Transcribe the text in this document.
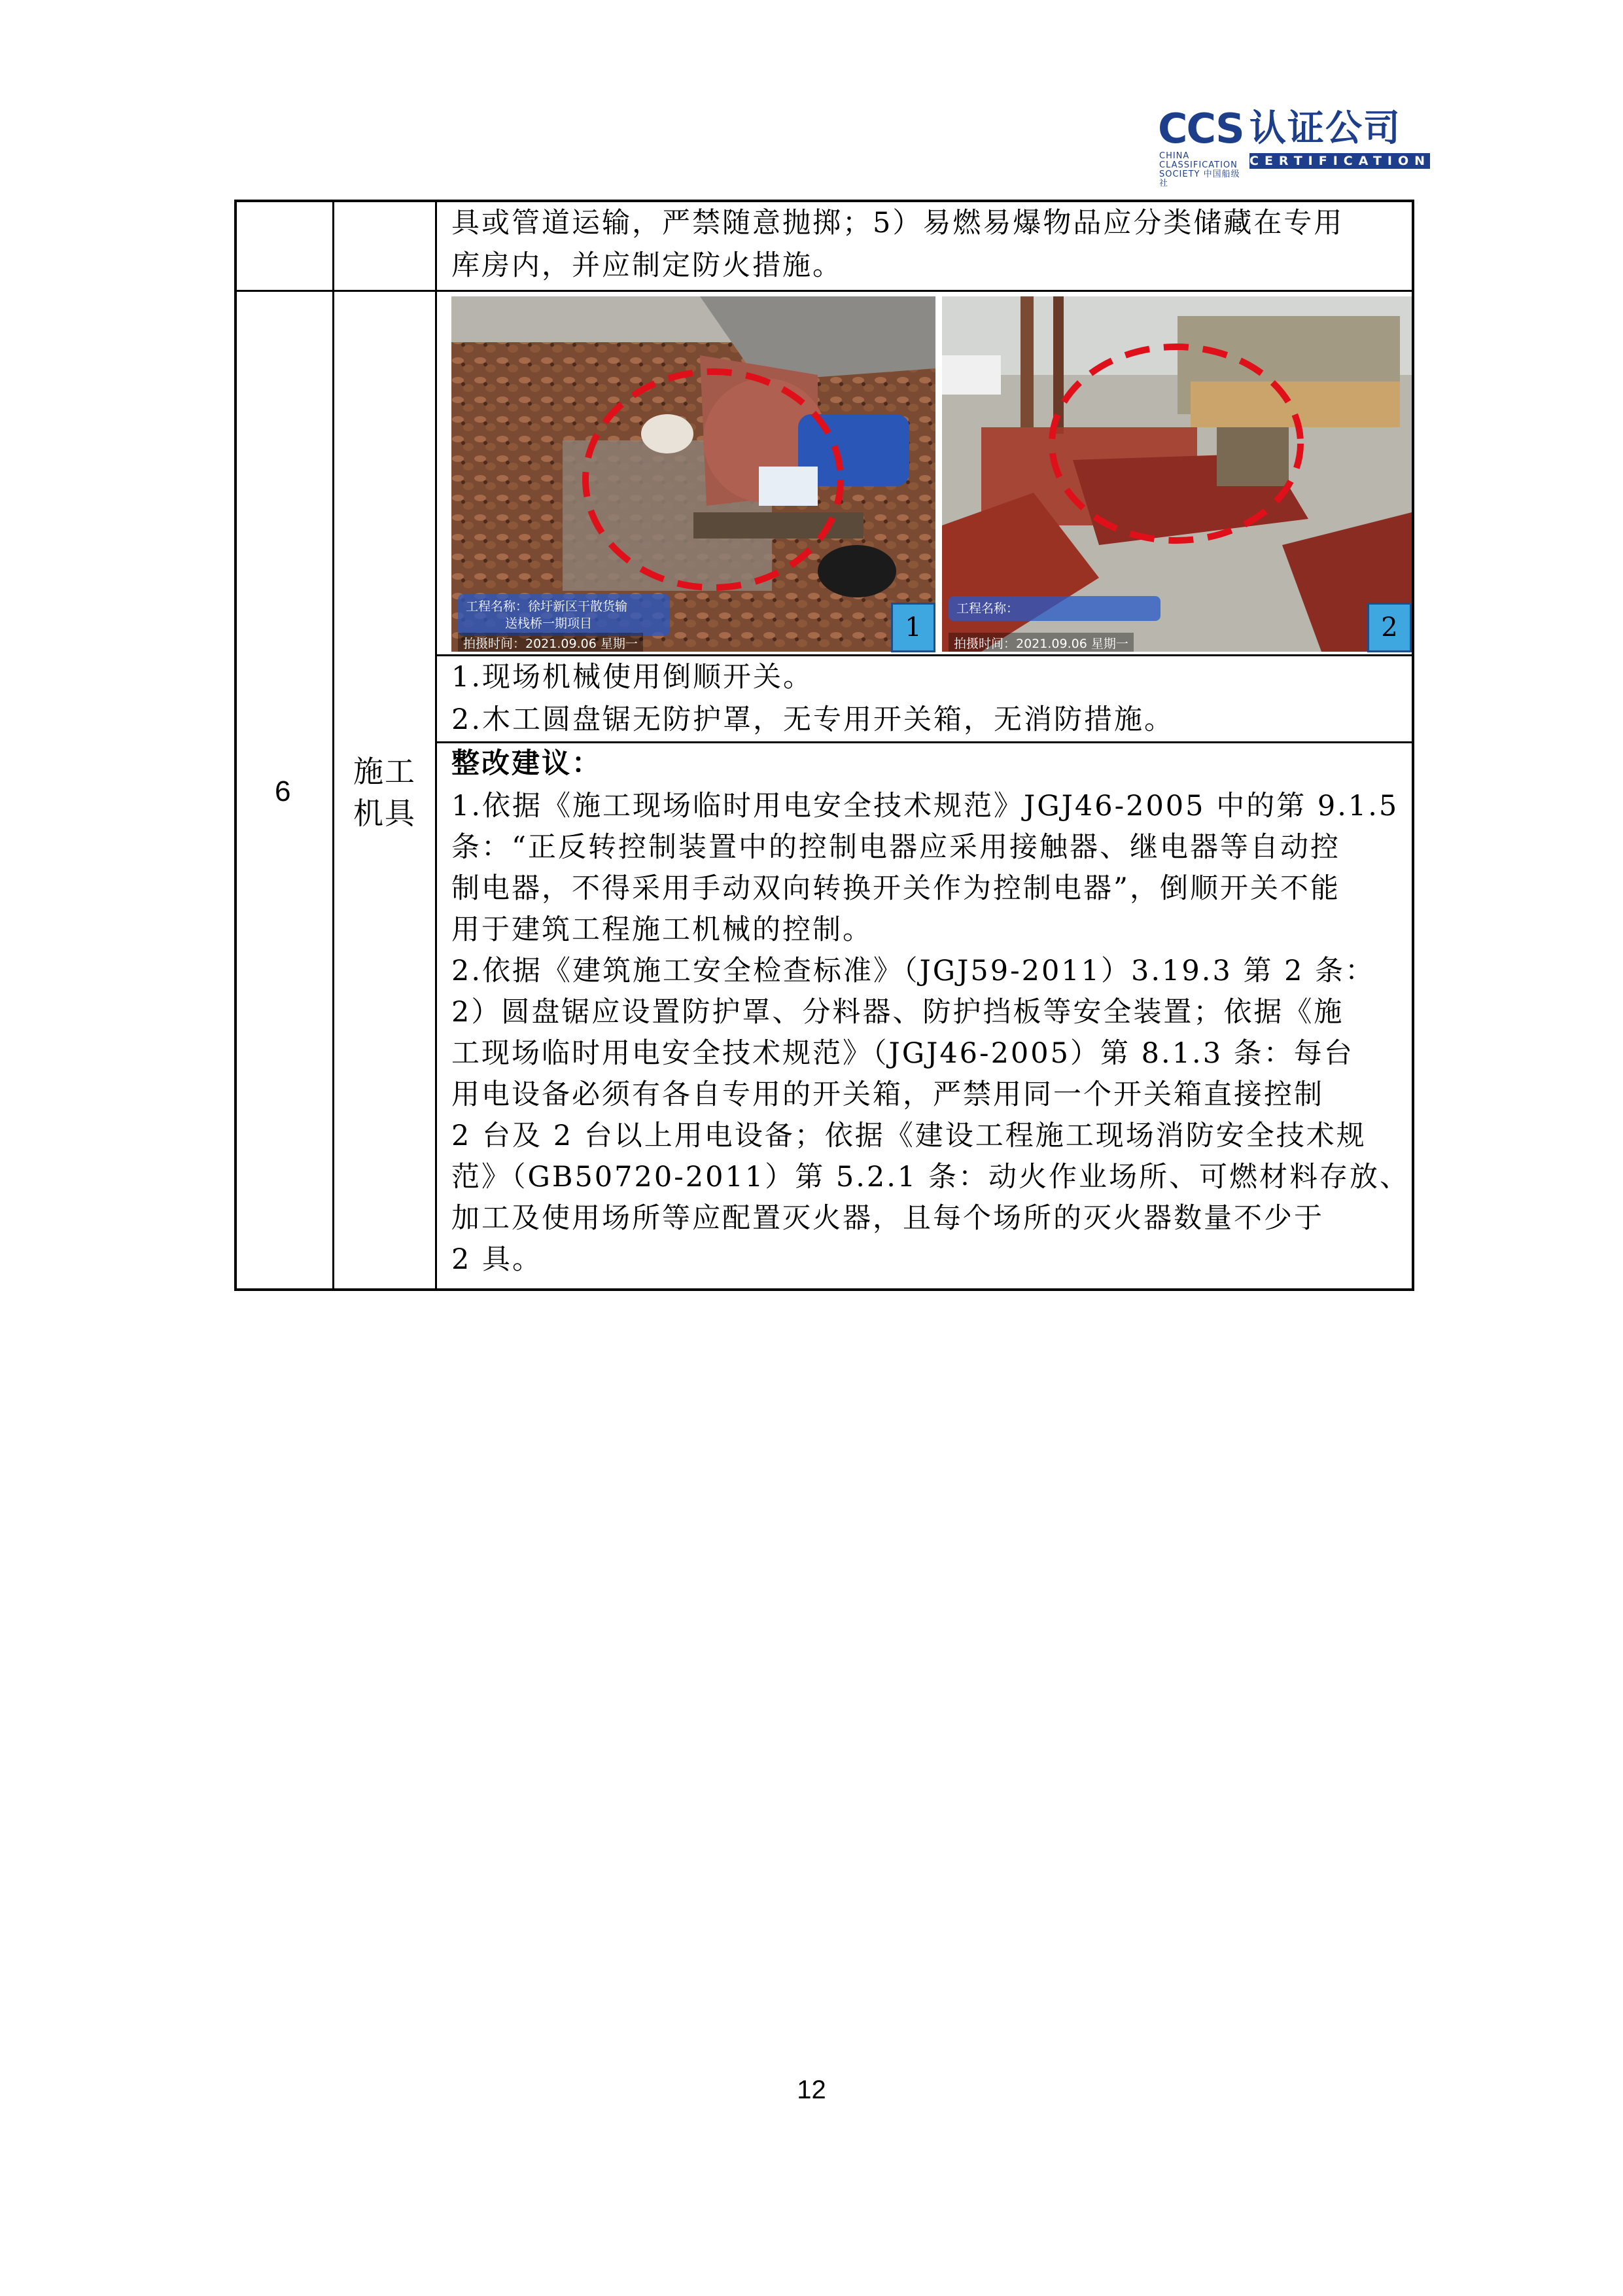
CCS 认证公司
CHINA CLASSIFICATION SOCIETY 中国船级社
CERTIFICATION
具或管道运输，严禁随意抛掷；5）易燃易爆物品应分类储藏在专用
库房内，并应制定防火措施。
6
施工
机具
工程名称：徐圩新区干散货输
送栈桥一期项目
拍摄时间：2021.09.06 星期一
1
工程名称：
拍摄时间：2021.09.06 星期一
2
1.现场机械使用倒顺开关。
2.木工圆盘锯无防护罩，无专用开关箱，无消防措施。
整改建议：
1.依据《施工现场临时用电安全技术规范》JGJ46-2005 中的第 9.1.5
条：“正反转控制装置中的控制电器应采用接触器、继电器等自动控
制电器，不得采用手动双向转换开关作为控制电器”，倒顺开关不能
用于建筑工程施工机械的控制。
2.依据《建筑施工安全检查标准》（JGJ59-2011）3.19.3 第 2 条：
2）圆盘锯应设置防护罩、分料器、防护挡板等安全装置；依据《施
工现场临时用电安全技术规范》（JGJ46-2005）第 8.1.3 条：每台
用电设备必须有各自专用的开关箱，严禁用同一个开关箱直接控制
2 台及 2 台以上用电设备；依据《建设工程施工现场消防安全技术规
范》（GB50720-2011）第 5.2.1 条：动火作业场所、可燃材料存放、
加工及使用场所等应配置灭火器，且每个场所的灭火器数量不少于
2 具。
12
